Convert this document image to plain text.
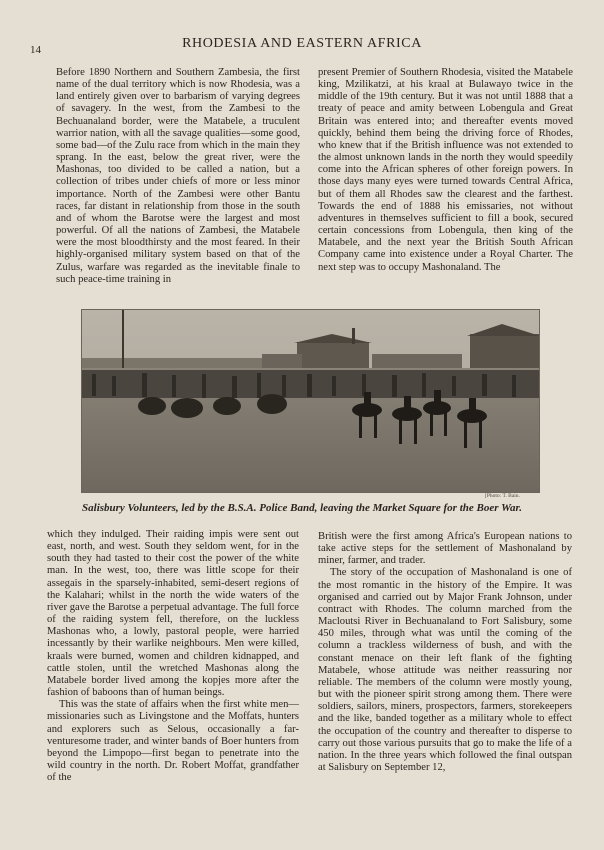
14	RHODESIA AND EASTERN AFRICA

Before 1890 Northern and Southern Zambesia, the first name of the dual territory which is now Rhodesia, was a land entirely given over to barbarism of varying degrees of savagery. In the west, from the Zambesi to the Bechuanaland border, were the Matabele, a truculent warrior nation, with all the savage qualities—some good, some bad—of the Zulu race from which in the main they sprang. In the east, below the great river, were the Mashonas, too divided to be called a nation, but a collection of tribes under chiefs of more or less minor importance. North of the Zambesi were other Bantu races, far distant in relationship from those in the south and of whom the Barotse were the largest and most powerful. Of all the nations of Zambesi, the Matabele were the most bloodthirsty and the most feared. In their highly-organised military system based on that of the Zulus, warfare was regarded as the inevitable finale to such peace-time training in

present Premier of Southern Rhodesia, visited the Matabele king, Mzilikatzi, at his kraal at Bulawayo twice in the middle of the 19th century. But it was not until 1888 that a treaty of peace and amity between Lobengula and Great Britain was entered into; and thereafter events moved quickly, behind them being the driving force of Rhodes, who knew that if the British influence was not extended to the almost unknown lands in the north they would speedily come into the African spheres of other foreign powers. In those days many eyes were turned towards Central Africa, but of them all Rhodes saw the clearest and the farthest. Towards the end of 1888 his emissaries, not without adventures in themselves sufficient to fill a book, secured certain concessions from Lobengula, then king of the Matabele, and the next year the British South African Company came into existence under a Royal Charter. The next step was to occupy Mashonaland. The

[Photo: T. Bain.
Salisbury Volunteers, led by the B.S.A. Police Band, leaving the Market Square for the Boer War.

which they indulged. Their raiding impis were sent out east, north, and west. South they seldom went, for in the south they had tasted to their cost the power of the white man. In the west, too, there was little scope for their assegais in the sparsely-inhabited, semi-desert regions of the Kalahari; whilst in the north the wide waters of the river gave the Barotse a perpetual advantage. The full force of the raiding system fell, therefore, on the luckless Mashonas who, a lowly, pastoral people, were harried incessantly by their warlike neighbours. Men were killed, kraals were burned, women and children kidnapped, and cattle stolen, until the wretched Mashonas along the Matabele border lived among the kopjes more after the fashion of baboons than of human beings.

This was the state of affairs when the first white men—missionaries such as Livingstone and the Moffats, hunters and explorers such as Selous, occasionally a far-venturesome trader, and winter bands of Boer hunters from beyond the Limpopo—first began to penetrate into the wild country in the north. Dr. Robert Moffat, grandfather of the

British were the first among Africa's European nations to take active steps for the settlement of Mashonaland by miner, farmer, and trader.

The story of the occupation of Mashonaland is one of the most romantic in the history of the Empire. It was organised and carried out by Major Frank Johnson, under contract with Rhodes. The column marched from the Macloutsi River in Bechuanaland to Fort Salisbury, some 450 miles, through what was until the coming of the column a trackless wilderness of bush, and with the constant menace on their left flank of the fighting Matabele, whose attitude was neither reassuring nor reliable. The members of the column were mostly young, but with the pioneer spirit strong among them. There were soldiers, sailors, miners, prospectors, farmers, storekeepers and the like, banded together as a military whole to effect the occupation of the country and thereafter to disperse to carry out those various pursuits that go to make the life of a nation. In the three years which followed the final outspan at Salisbury on September 12,
